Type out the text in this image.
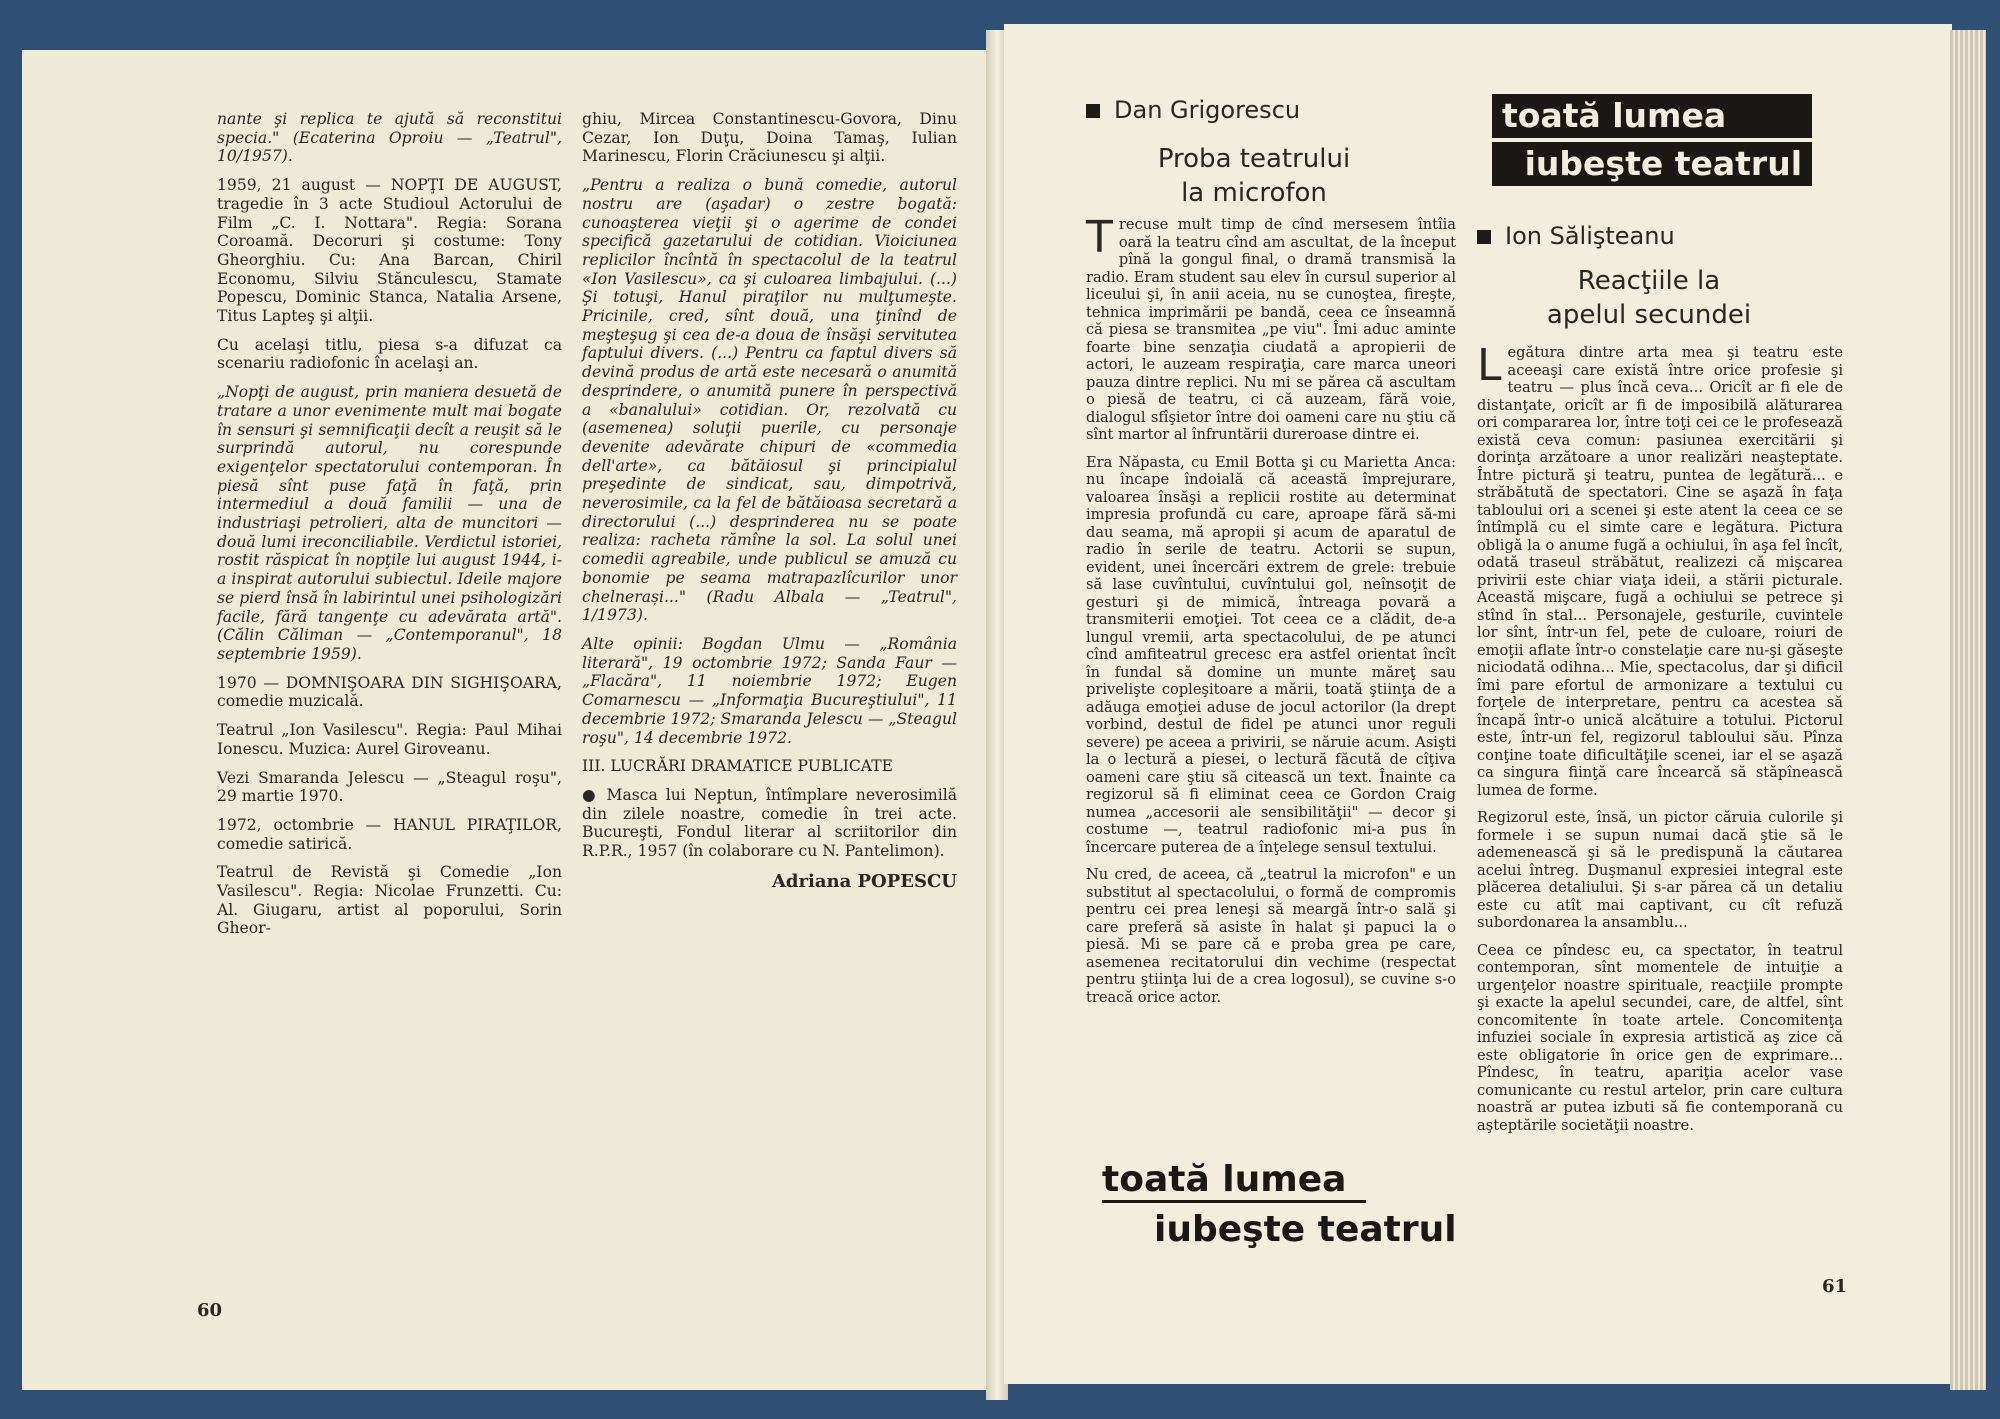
nante şi replica te ajută să reconstitui specia." (Ecaterina Oproiu — „Teatrul", 10/1957).

1959, 21 august — NOPŢI DE AUGUST, tragedie în 3 acte Studioul Actorului de Film „C. I. Nottara". Regia: Sorana Coroamă. Decoruri şi costume: Tony Gheorghiu. Cu: Ana Barcan, Chiril Economu, Silviu Stănculescu, Stamate Popescu, Dominic Stanca, Natalia Arsene, Titus Lapteş şi alţii.

Cu acelaşi titlu, piesa s-a difuzat ca scenariu radiofonic în acelaşi an.

„Nopţi de august, prin maniera desuetă de tratare a unor evenimente mult mai bogate în sensuri şi semnificaţii decît a reuşit să le surprindă autorul, nu corespunde exigenţelor spectatorului contemporan. În piesă sînt puse faţă în faţă, prin intermediul a două familii — una de industriaşi petrolieri, alta de muncitori — două lumi ireconciliabile. Verdictul istoriei, rostit răspicat în nopţile lui august 1944, i-a inspirat autorului subiectul. Ideile majore se pierd însă în labirintul unei psihologizări facile, fără tangenţe cu adevărata artă". (Călin Căliman — „Contemporanul", 18 septembrie 1959).

1970 — DOMNIŞOARA DIN SIGHIŞOARA, comedie muzicală.

Teatrul „Ion Vasilescu". Regia: Paul Mihai Ionescu. Muzica: Aurel Giroveanu.

Vezi Smaranda Jelescu — „Steagul roşu", 29 martie 1970.

1972, octombrie — HANUL PIRAŢILOR, comedie satirică.

Teatrul de Revistă şi Comedie „Ion Vasilescu". Regia: Nicolae Frunzetti. Cu: Al. Giugaru, artist al poporului, Sorin Gheor-

ghiu, Mircea Constantinescu-Govora, Dinu Cezar, Ion Duţu, Doina Tamaş, Iulian Marinescu, Florin Crăciunescu şi alţii.

„Pentru a realiza o bună comedie, autorul nostru are (aşadar) o zestre bogată: cunoaşterea vieţii şi o agerime de condei specifică gazetarului de cotidian. Vioiciunea replicilor încîntă în spectacolul de la teatrul «Ion Vasilescu», ca şi culoarea limbajului. (...) Şi totuşi, Hanul piraţilor nu mulţumeşte. Pricinile, cred, sînt două, una ţinînd de meşteşug şi cea de-a doua de însăşi servitutea faptului divers. (...) Pentru ca faptul divers să devină produs de artă este necesară o anumită desprindere, o anumită punere în perspectivă a «banalului» cotidian. Or, rezolvată cu (asemenea) soluţii puerile, cu personaje devenite adevărate chipuri de «commedia dell'arte», ca bătăiosul şi principialul preşedinte de sindicat, sau, dimpotrivă, neverosimile, ca la fel de bătăioasa secretară a directorului (...) desprinderea nu se poate realiza: racheta rămîne la sol. La solul unei comedii agreabile, unde publicul se amuză cu bonomie pe seama matrapazlîcurilor unor chelnerași..." (Radu Albala — „Teatrul", 1/1973).

Alte opinii: Bogdan Ulmu — „România literară", 19 octombrie 1972; Sanda Faur — „Flacăra", 11 noiembrie 1972; Eugen Comarnescu — „Informaţia Bucureştiului", 11 decembrie 1972; Smaranda Jelescu — „Steagul roşu", 14 decembrie 1972.

III. LUCRĂRI DRAMATICE PUBLICATE

● Masca lui Neptun, întîmplare neverosimilă din zilele noastre, comedie în trei acte. Bucureşti, Fondul literar al scriitorilor din R.P.R., 1957 (în colaborare cu N. Pantelimon).

Adriana POPESCU

60
Dan Grigorescu
Proba teatrului
la microfon

Trecuse mult timp de cînd mersesem întîia oară la teatru cînd am ascultat, de la început pînă la gongul final, o dramă transmisă la radio. Eram student sau elev în cursul superior al liceului şi, în anii aceia, nu se cunoştea, fireşte, tehnica imprimării pe bandă, ceea ce înseamnă că piesa se transmitea „pe viu". Îmi aduc aminte foarte bine senzaţia ciudată a apropierii de actori, le auzeam respiraţia, care marca uneori pauza dintre replici. Nu mi se părea că ascultam o piesă de teatru, ci că auzeam, fără voie, dialogul sfîşietor între doi oameni care nu ştiu că sînt martor al înfruntării dureroase dintre ei.

Era Năpasta, cu Emil Botta şi cu Marietta Anca: nu încape îndoială că această împrejurare, valoarea însăşi a replicii rostite au determinat impresia profundă cu care, aproape fără să-mi dau seama, mă apropii şi acum de aparatul de radio în serile de teatru. Actorii se supun, evident, unei încercări extrem de grele: trebuie să lase cuvîntului, cuvîntului gol, neînsoţit de gesturi şi de mimică, întreaga povară a transmiterii emoţiei. Tot ceea ce a clădit, de-a lungul vremii, arta spectacolului, de pe atunci cînd amfiteatrul grecesc era astfel orientat încît în fundal să domine un munte măreţ sau privelişte copleşitoare a mării, toată ştiinţa de a adăuga emoţiei aduse de jocul actorilor (la drept vorbind, destul de fidel pe atunci unor reguli severe) pe aceea a privirii, se năruie acum. Asişti la o lectură a piesei, o lectură făcută de cîţiva oameni care ştiu să citească un text. Înainte ca regizorul să fi eliminat ceea ce Gordon Craig numea „accesorii ale sensibilităţii" — decor şi costume —, teatrul radiofonic mi-a pus în încercare puterea de a înţelege sensul textului.

Nu cred, de aceea, că „teatrul la microfon" e un substitut al spectacolului, o formă de compromis pentru cei prea leneşi să meargă într-o sală şi care preferă să asiste în halat şi papuci la o piesă. Mi se pare că e proba grea pe care, asemenea recitatorului din vechime (respectat pentru ştiinţa lui de a crea logosul), se cuvine s-o treacă orice actor.

toată lumea
iubeşte teatrul
toată lumea
iubeşte teatrul
Ion Sălişteanu
Reacţiile la
apelul secundei

Legătura dintre arta mea şi teatru este aceeaşi care există între orice profesie şi teatru — plus încă ceva... Oricît ar fi ele de distanţate, oricît ar fi de imposibilă alăturarea ori compararea lor, între toţi cei ce le profesează există ceva comun: pasiunea exercitării şi dorinţa arzătoare a unor realizări neaşteptate. Între pictură şi teatru, puntea de legătură... e străbătută de spectatori. Cine se aşază în faţa tabloului ori a scenei şi este atent la ceea ce se întîmplă cu el simte care e legătura. Pictura obligă la o anume fugă a ochiului, în aşa fel încît, odată traseul străbătut, realizezi că mişcarea privirii este chiar viaţa ideii, a stării picturale. Această mişcare, fugă a ochiului se petrece şi stînd în stal... Personajele, gesturile, cuvintele lor sînt, într-un fel, pete de culoare, roiuri de emoţii aflate într-o constelaţie care nu-şi găseşte niciodată odihna... Mie, spectacolus, dar şi dificil îmi pare efortul de armonizare a textului cu forţele de interpretare, pentru ca acestea să încapă într-o unică alcătuire a totului. Pictorul este, într-un fel, regizorul tabloului său. Pînza conţine toate dificultăţile scenei, iar el se aşază ca singura fiinţă care încearcă să stăpînească lumea de forme.

Regizorul este, însă, un pictor căruia culorile şi formele i se supun numai dacă ştie să le ademenească şi să le predispună la căutarea acelui întreg. Duşmanul expresiei integral este plăcerea detaliului. Şi s-ar părea că un detaliu este cu atît mai captivant, cu cît refuză subordonarea la ansamblu...

Ceea ce pîndesc eu, ca spectator, în teatrul contemporan, sînt momentele de intuiţie a urgenţelor noastre spirituale, reacţiile prompte şi exacte la apelul secundei, care, de altfel, sînt concomitente în toate artele. Concomitenţa infuziei sociale în expresia artistică aş zice că este obligatorie în orice gen de exprimare... Pîndesc, în teatru, apariţia acelor vase comunicante cu restul artelor, prin care cultura noastră ar putea izbuti să fie contemporană cu aşteptările societăţii noastre.

61
